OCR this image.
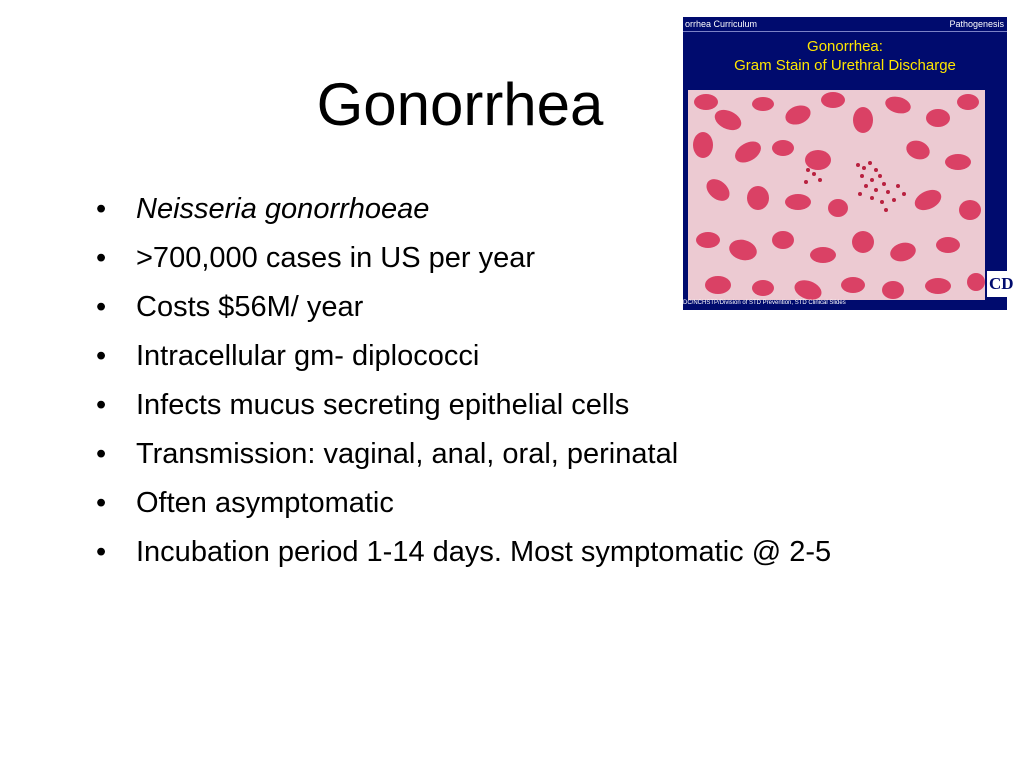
Gonorrhea
• Neisseria gonorrhoeae
• >700,000 cases in US per year
• Costs $56M/ year
• Intracellular gm- diplococci
• Infects mucus secreting epithelial cells
• Transmission: vaginal, anal, oral, perinatal
• Often asymptomatic
• Incubation period 1-14 days. Most symptomatic @ 2-5
orrhea Curriculum	Pathogenesis
Gonorrhea:
Gram Stain of Urethral Discharge
CD
DC/NCHSTP/Division of STD Prevention, STD Clinical Slides
